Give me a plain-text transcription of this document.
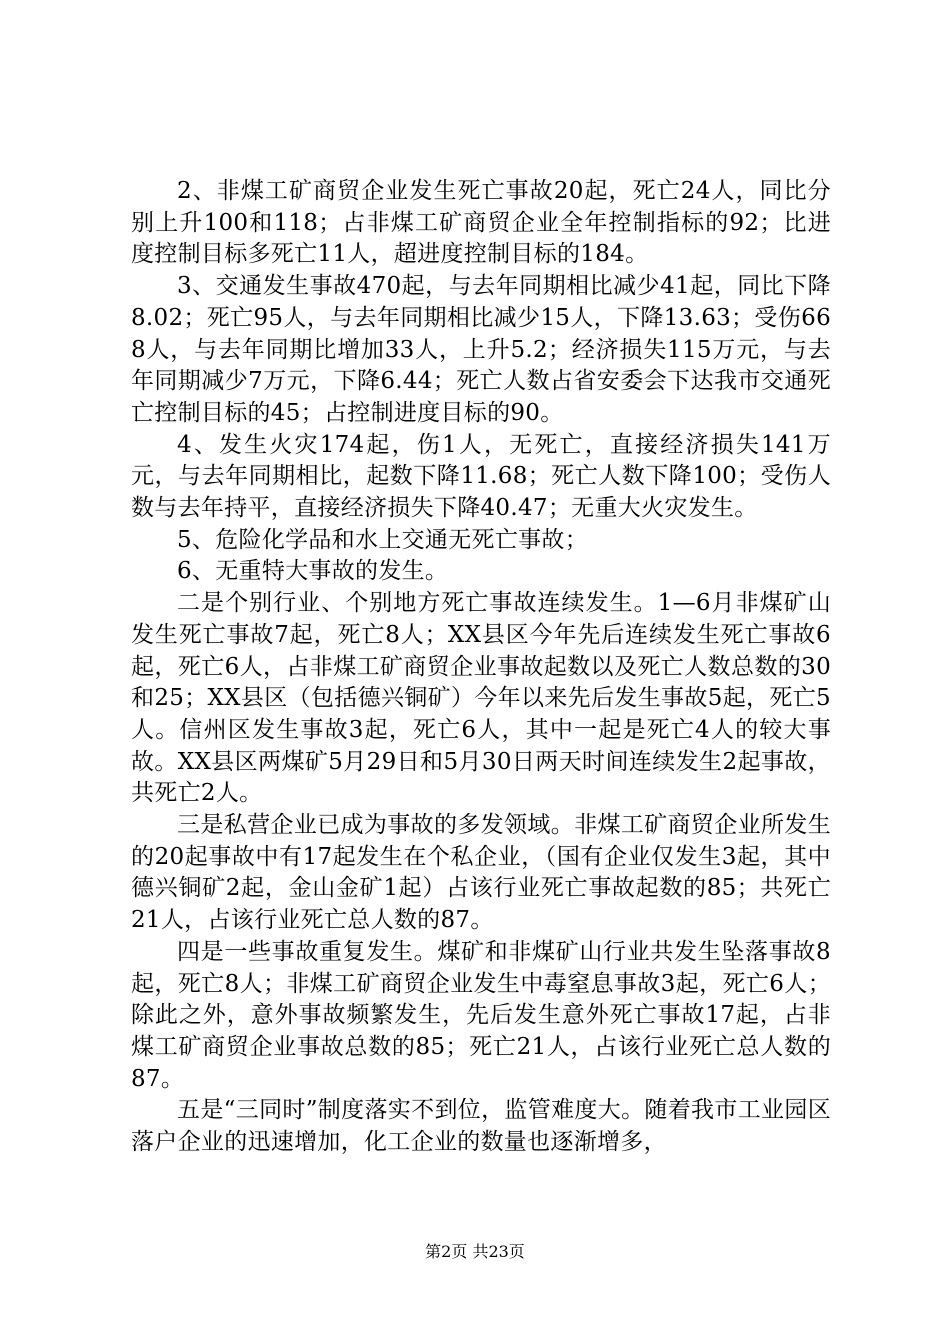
2、非煤工矿商贸企业发生死亡事故20起，死亡24人，同比分别上升100和118；占非煤工矿商贸企业全年控制指标的92；比进度控制目标多死亡11人，超进度控制目标的184。

3、交通发生事故470起，与去年同期相比减少41起，同比下降8.02；死亡95人，与去年同期相比减少15人，下降13.63；受伤668人，与去年同期比增加33人，上升5.2；经济损失115万元，与去年同期减少7万元，下降6.44；死亡人数占省安委会下达我市交通死亡控制目标的45；占控制进度目标的90。

4、发生火灾174起，伤1人，无死亡，直接经济损失141万元，与去年同期相比，起数下降11.68；死亡人数下降100；受伤人数与去年持平，直接经济损失下降40.47；无重大火灾发生。

5、危险化学品和水上交通无死亡事故；

6、无重特大事故的发生。

二是个别行业、个别地方死亡事故连续发生。1—6月非煤矿山发生死亡事故7起，死亡8人；XX县区今年先后连续发生死亡事故6起，死亡6人，占非煤工矿商贸企业事故起数以及死亡人数总数的30和25；XX县区（包括德兴铜矿）今年以来先后发生事故5起，死亡5人。信州区发生事故3起，死亡6人，其中一起是死亡4人的较大事故。XX县区两煤矿5月29日和5月30日两天时间连续发生2起事故，共死亡2人。

三是私营企业已成为事故的多发领域。非煤工矿商贸企业所发生的20起事故中有17起发生在个私企业，（国有企业仅发生3起，其中德兴铜矿2起，金山金矿1起）占该行业死亡事故起数的85；共死亡21人，占该行业死亡总人数的87。

四是一些事故重复发生。煤矿和非煤矿山行业共发生坠落事故8起，死亡8人；非煤工矿商贸企业发生中毒窒息事故3起，死亡6人；除此之外，意外事故频繁发生，先后发生意外死亡事故17起，占非煤工矿商贸企业事故总数的85；死亡21人，占该行业死亡总人数的87。

五是“三同时”制度落实不到位，监管难度大。随着我市工业园区落户企业的迅速增加，化工企业的数量也逐渐增多，

第2页 共23页
